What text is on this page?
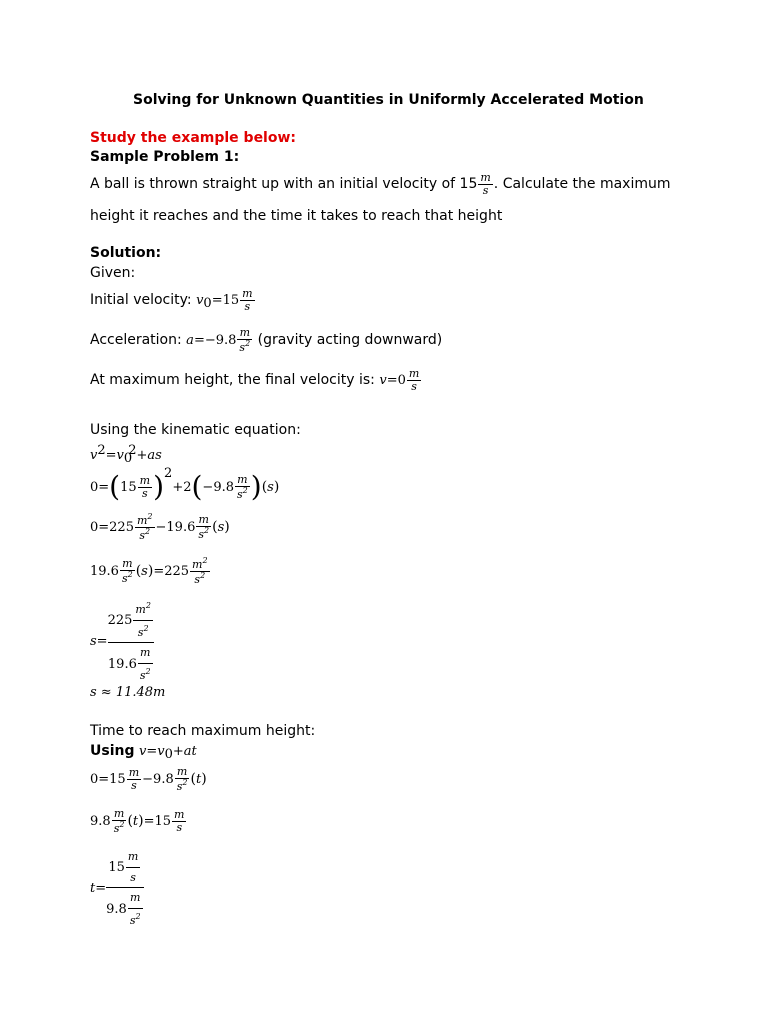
Solving for Unknown Quantities in Uniformly Accelerated Motion
Study the example below:
Sample Problem 1:
A ball is thrown straight up with an initial velocity of $15 \frac{m}{s}$ . Calculate the maximum
height it reaches and the time it takes to reach that height
Solution:
Given:
Initial velocity: $v_0=15 \frac{m}{s}$
Acceleration: $a=-9.8 \frac{m}{s^2}$ (gravity acting downward)
At maximum height, the final velocity is: $v=0 \frac{m}{s}$
Using the kinematic equation:
$v^2=v_0^2+as$
$0=(15 \frac{m}{s} )^2+2(-9.8 \frac{m}{s^2} )(s)$
$0=225 \frac{m^2}{s^2} -19.6 \frac{m}{s^2} (s)$
$19.6 \frac{m}{s^2} (s)=225 \frac{m^2}{s^2}$
$s= \frac{225 \frac{m^2}{s^2}}{19.6 \frac{m}{s^2}}$
s ≈ 11.48m
Time to reach maximum height:
Using $v=v_0+at$
$0=15 \frac{m}{s} -9.8 \frac{m}{s^2} (t)$
$9.8 \frac{m}{s^2} (t)=15 \frac{m}{s}$
$t= \frac{15 \frac{m}{s}}{9.8 \frac{m}{s^2}}$
